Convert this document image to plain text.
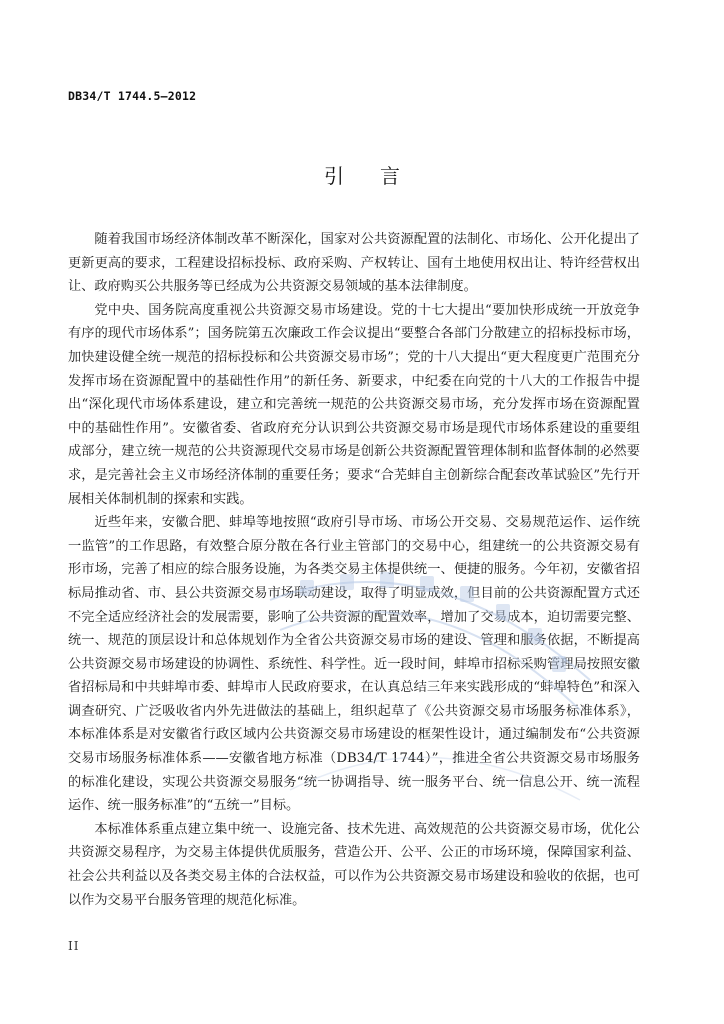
DB34/T 1744.5—2012
引 言

随着我国市场经济体制改革不断深化，国家对公共资源配置的法制化、市场化、公开化提出了更新更高的要求，工程建设招标投标、政府采购、产权转让、国有土地使用权出让、特许经营权出让、政府购买公共服务等已经成为公共资源交易领域的基本法律制度。

党中央、国务院高度重视公共资源交易市场建设。党的十七大提出“要加快形成统一开放竞争有序的现代市场体系”；国务院第五次廉政工作会议提出“要整合各部门分散建立的招标投标市场，加快建设健全统一规范的招标投标和公共资源交易市场”；党的十八大提出“更大程度更广范围充分发挥市场在资源配置中的基础性作用”的新任务、新要求，中纪委在向党的十八大的工作报告中提出“深化现代市场体系建设，建立和完善统一规范的公共资源交易市场，充分发挥市场在资源配置中的基础性作用”。安徽省委、省政府充分认识到公共资源交易市场是现代市场体系建设的重要组成部分，建立统一规范的公共资源现代交易市场是创新公共资源配置管理体制和监督体制的必然要求，是完善社会主义市场经济体制的重要任务；要求“合芜蚌自主创新综合配套改革试验区”先行开展相关体制机制的探索和实践。

近些年来，安徽合肥、蚌埠等地按照“政府引导市场、市场公开交易、交易规范运作、运作统一监管”的工作思路，有效整合原分散在各行业主管部门的交易中心，组建统一的公共资源交易有形市场，完善了相应的综合服务设施，为各类交易主体提供统一、便捷的服务。今年初，安徽省招标局推动省、市、县公共资源交易市场联动建设，取得了明显成效，但目前的公共资源配置方式还不完全适应经济社会的发展需要，影响了公共资源的配置效率，增加了交易成本，迫切需要完整、统一、规范的顶层设计和总体规划作为全省公共资源交易市场的建设、管理和服务依据，不断提高公共资源交易市场建设的协调性、系统性、科学性。近一段时间，蚌埠市招标采购管理局按照安徽省招标局和中共蚌埠市委、蚌埠市人民政府要求，在认真总结三年来实践形成的“蚌埠特色”和深入调查研究、广泛吸收省内外先进做法的基础上，组织起草了《公共资源交易市场服务标准体系》，本标准体系是对安徽省行政区域内公共资源交易市场建设的框架性设计，通过编制发布“公共资源交易市场服务标准体系——安徽省地方标准（DB34/T 1744）”，推进全省公共资源交易市场服务的标准化建设，实现公共资源交易服务“统一协调指导、统一服务平台、统一信息公开、统一流程运作、统一服务标准”的“五统一”目标。

本标准体系重点建立集中统一、设施完备、技术先进、高效规范的公共资源交易市场，优化公共资源交易程序，为交易主体提供优质服务，营造公开、公平、公正的市场环境，保障国家利益、社会公共利益以及各类交易主体的合法权益，可以作为公共资源交易市场建设和验收的依据，也可以作为交易平台服务管理的规范化标准。

II
